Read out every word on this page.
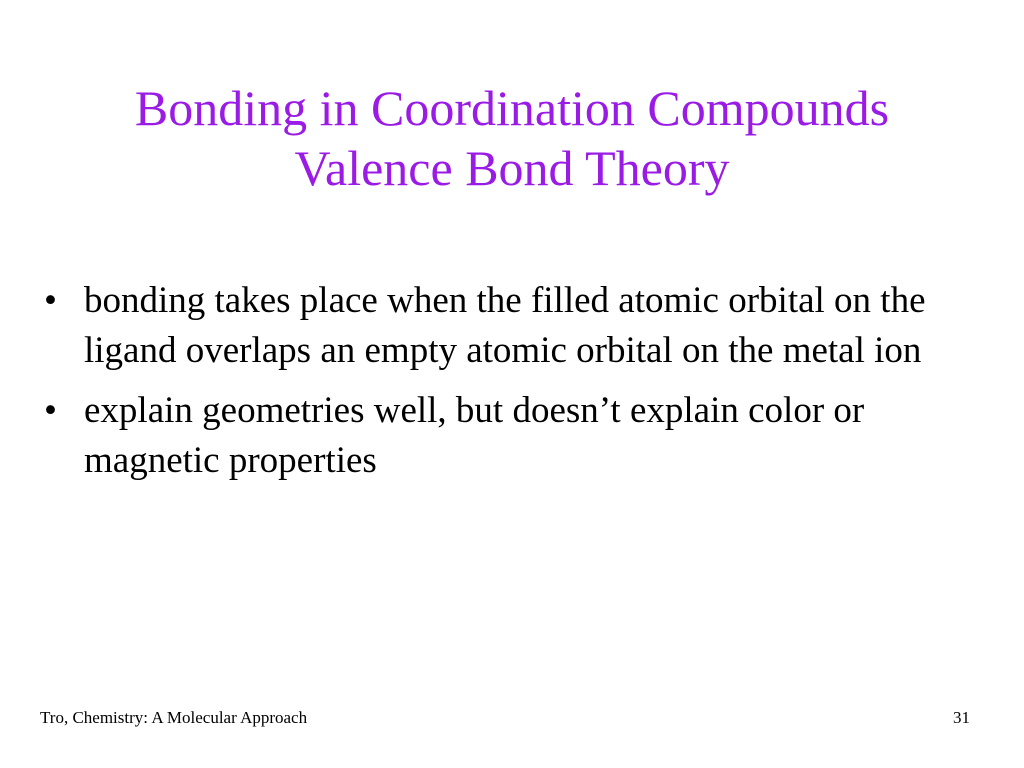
Bonding in Coordination Compounds
Valence Bond Theory
• bonding takes place when the filled atomic orbital on the ligand overlaps an empty atomic orbital on the metal ion
• explain geometries well, but doesn’t explain color or magnetic properties
Tro, Chemistry: A Molecular Approach	31
